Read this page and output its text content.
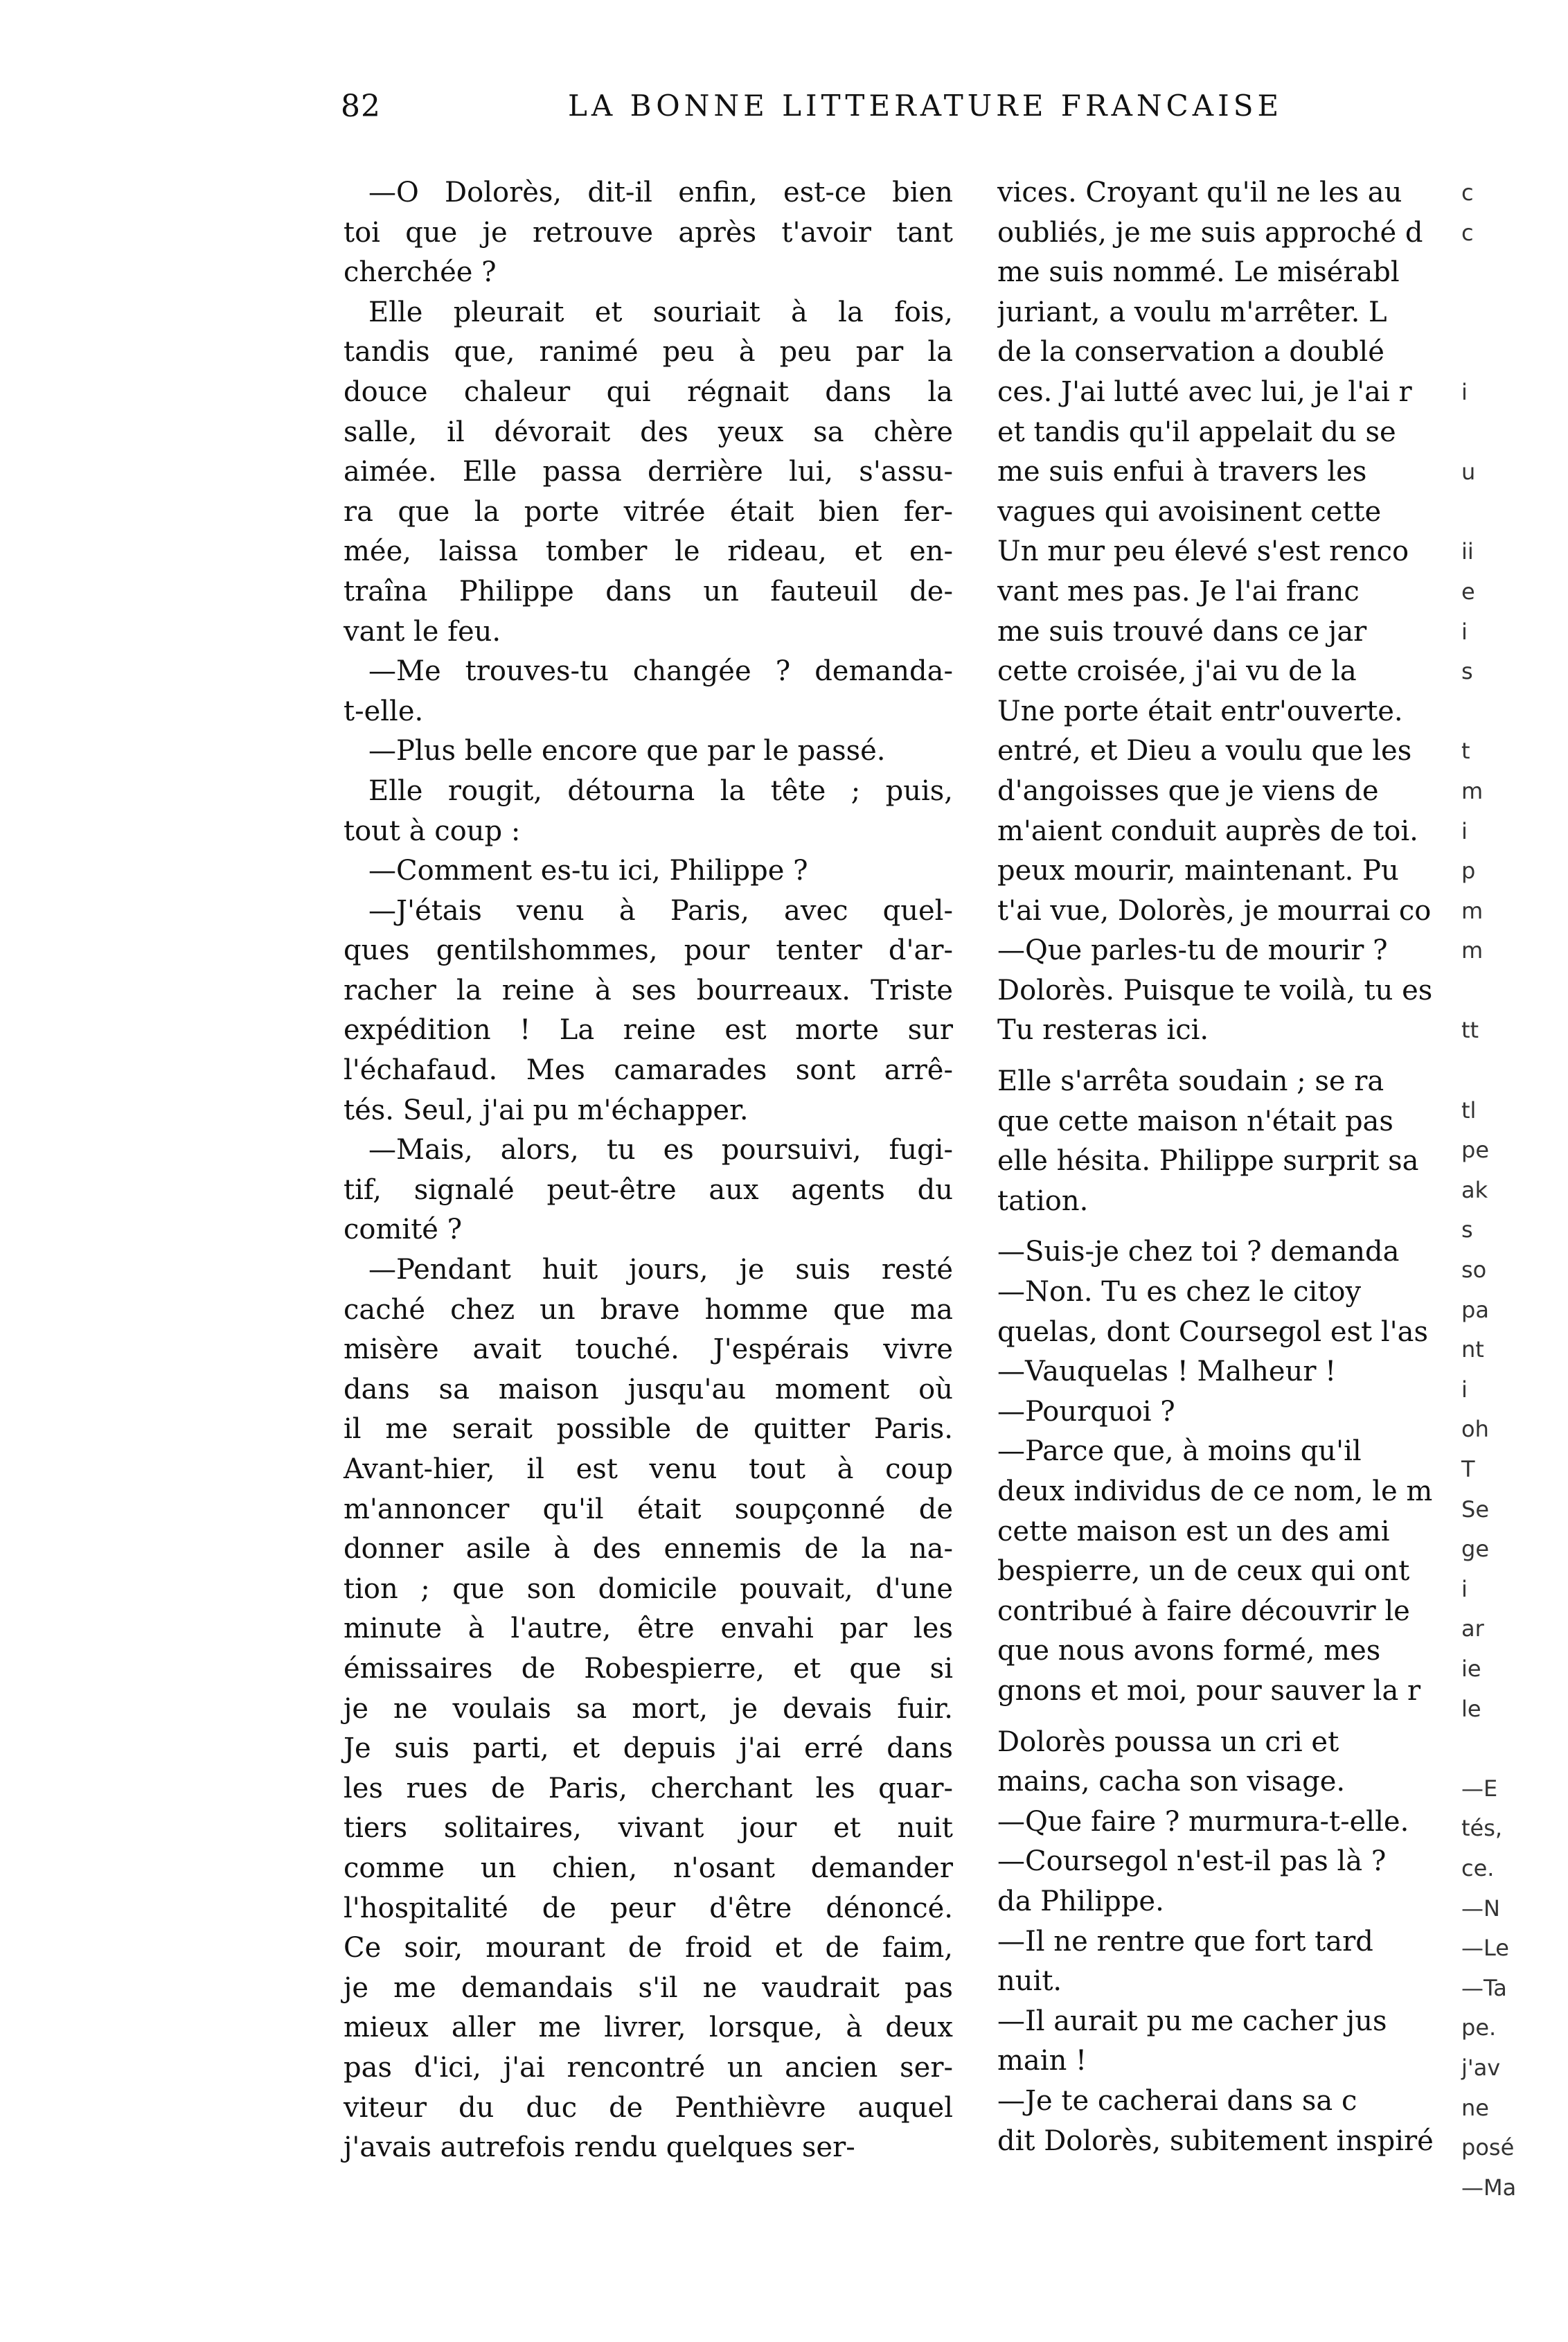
82	LA BONNE LITTERATURE FRANCAISE

—O Dolorès, dit-il enfin, est-ce bien
toi que je retrouve après t'avoir tant
cherchée ?

Elle pleurait et souriait à la fois,
tandis que, ranimé peu à peu par la
douce chaleur qui régnait dans la
salle, il dévorait des yeux sa chère
aimée. Elle passa derrière lui, s'assu-
ra que la porte vitrée était bien fer-
mée, laissa tomber le rideau, et en-
traîna Philippe dans un fauteuil de-
vant le feu.

—Me trouves-tu changée ? demanda-
t-elle.

—Plus belle encore que par le passé.

Elle rougit, détourna la tête ; puis,
tout à coup :

—Comment es-tu ici, Philippe ?

—J'étais venu à Paris, avec quel-
ques gentilshommes, pour tenter d'ar-
racher la reine à ses bourreaux. Triste
expédition ! La reine est morte sur
l'échafaud. Mes camarades sont arrê-
tés. Seul, j'ai pu m'échapper.

—Mais, alors, tu es poursuivi, fugi-
tif, signalé peut-être aux agents du
comité ?

—Pendant huit jours, je suis resté
caché chez un brave homme que ma
misère avait touché. J'espérais vivre
dans sa maison jusqu'au moment où
il me serait possible de quitter Paris.
Avant-hier, il est venu tout à coup
m'annoncer qu'il était soupçonné de
donner asile à des ennemis de la na-
tion ; que son domicile pouvait, d'une
minute à l'autre, être envahi par les
émissaires de Robespierre, et que si
je ne voulais sa mort, je devais fuir.
Je suis parti, et depuis j'ai erré dans
les rues de Paris, cherchant les quar-
tiers solitaires, vivant jour et nuit
comme un chien, n'osant demander
l'hospitalité de peur d'être dénoncé.
Ce soir, mourant de froid et de faim,
je me demandais s'il ne vaudrait pas
mieux aller me livrer, lorsque, à deux
pas d'ici, j'ai rencontré un ancien ser-
viteur du duc de Penthièvre auquel
j'avais autrefois rendu quelques ser-

vices. Croyant qu'il ne les au
oubliés, je me suis approché d
me suis nommé. Le misérabl
juriant, a voulu m'arrêter. L
de la conservation a doublé
ces. J'ai lutté avec lui, je l'ai r
et tandis qu'il appelait du se
me suis enfui à travers les
vagues qui avoisinent cette
Un mur peu élevé s'est renco
vant mes pas. Je l'ai franc
me suis trouvé dans ce jar
cette croisée, j'ai vu de la
Une porte était entr'ouverte.
entré, et Dieu a voulu que les
d'angoisses que je viens de
m'aient conduit auprès de toi.
peux mourir, maintenant. Pu
t'ai vue, Dolorès, je mourrai co

—Que parles-tu de mourir ?
Dolorès. Puisque te voilà, tu es
Tu resteras ici.

Elle s'arrêta soudain ; se ra
que cette maison n'était pas
elle hésita. Philippe surprit sa
tation.

—Suis-je chez toi ? demanda

—Non. Tu es chez le citoy
quelas, dont Coursegol est l'as

—Vauquelas ! Malheur !

—Pourquoi ?

—Parce que, à moins qu'il
deux individus de ce nom, le m
cette maison est un des ami
bespierre, un de ceux qui ont
contribué à faire découvrir le
que nous avons formé, mes
gnons et moi, pour sauver la r

Dolorès poussa un cri et
mains, cacha son visage.

—Que faire ? murmura-t-elle.

—Coursegol n'est-il pas là ?
da Philippe.

—Il ne rentre que fort tard
nuit.

—Il aurait pu me cacher jus
main !

—Je te cacherai dans sa c
dit Dolorès, subitement inspiré

c
c

i

u

ii
e
i
s

t
m
i
p
m
m

tt

tl
pe
ak
s
so
pa
nt
i
oh
T
Se
ge
i
ar
ie
le

—E
tés,
ce.
—N
—Le
—Ta
pe.
j'av
ne
posé
—Ma
